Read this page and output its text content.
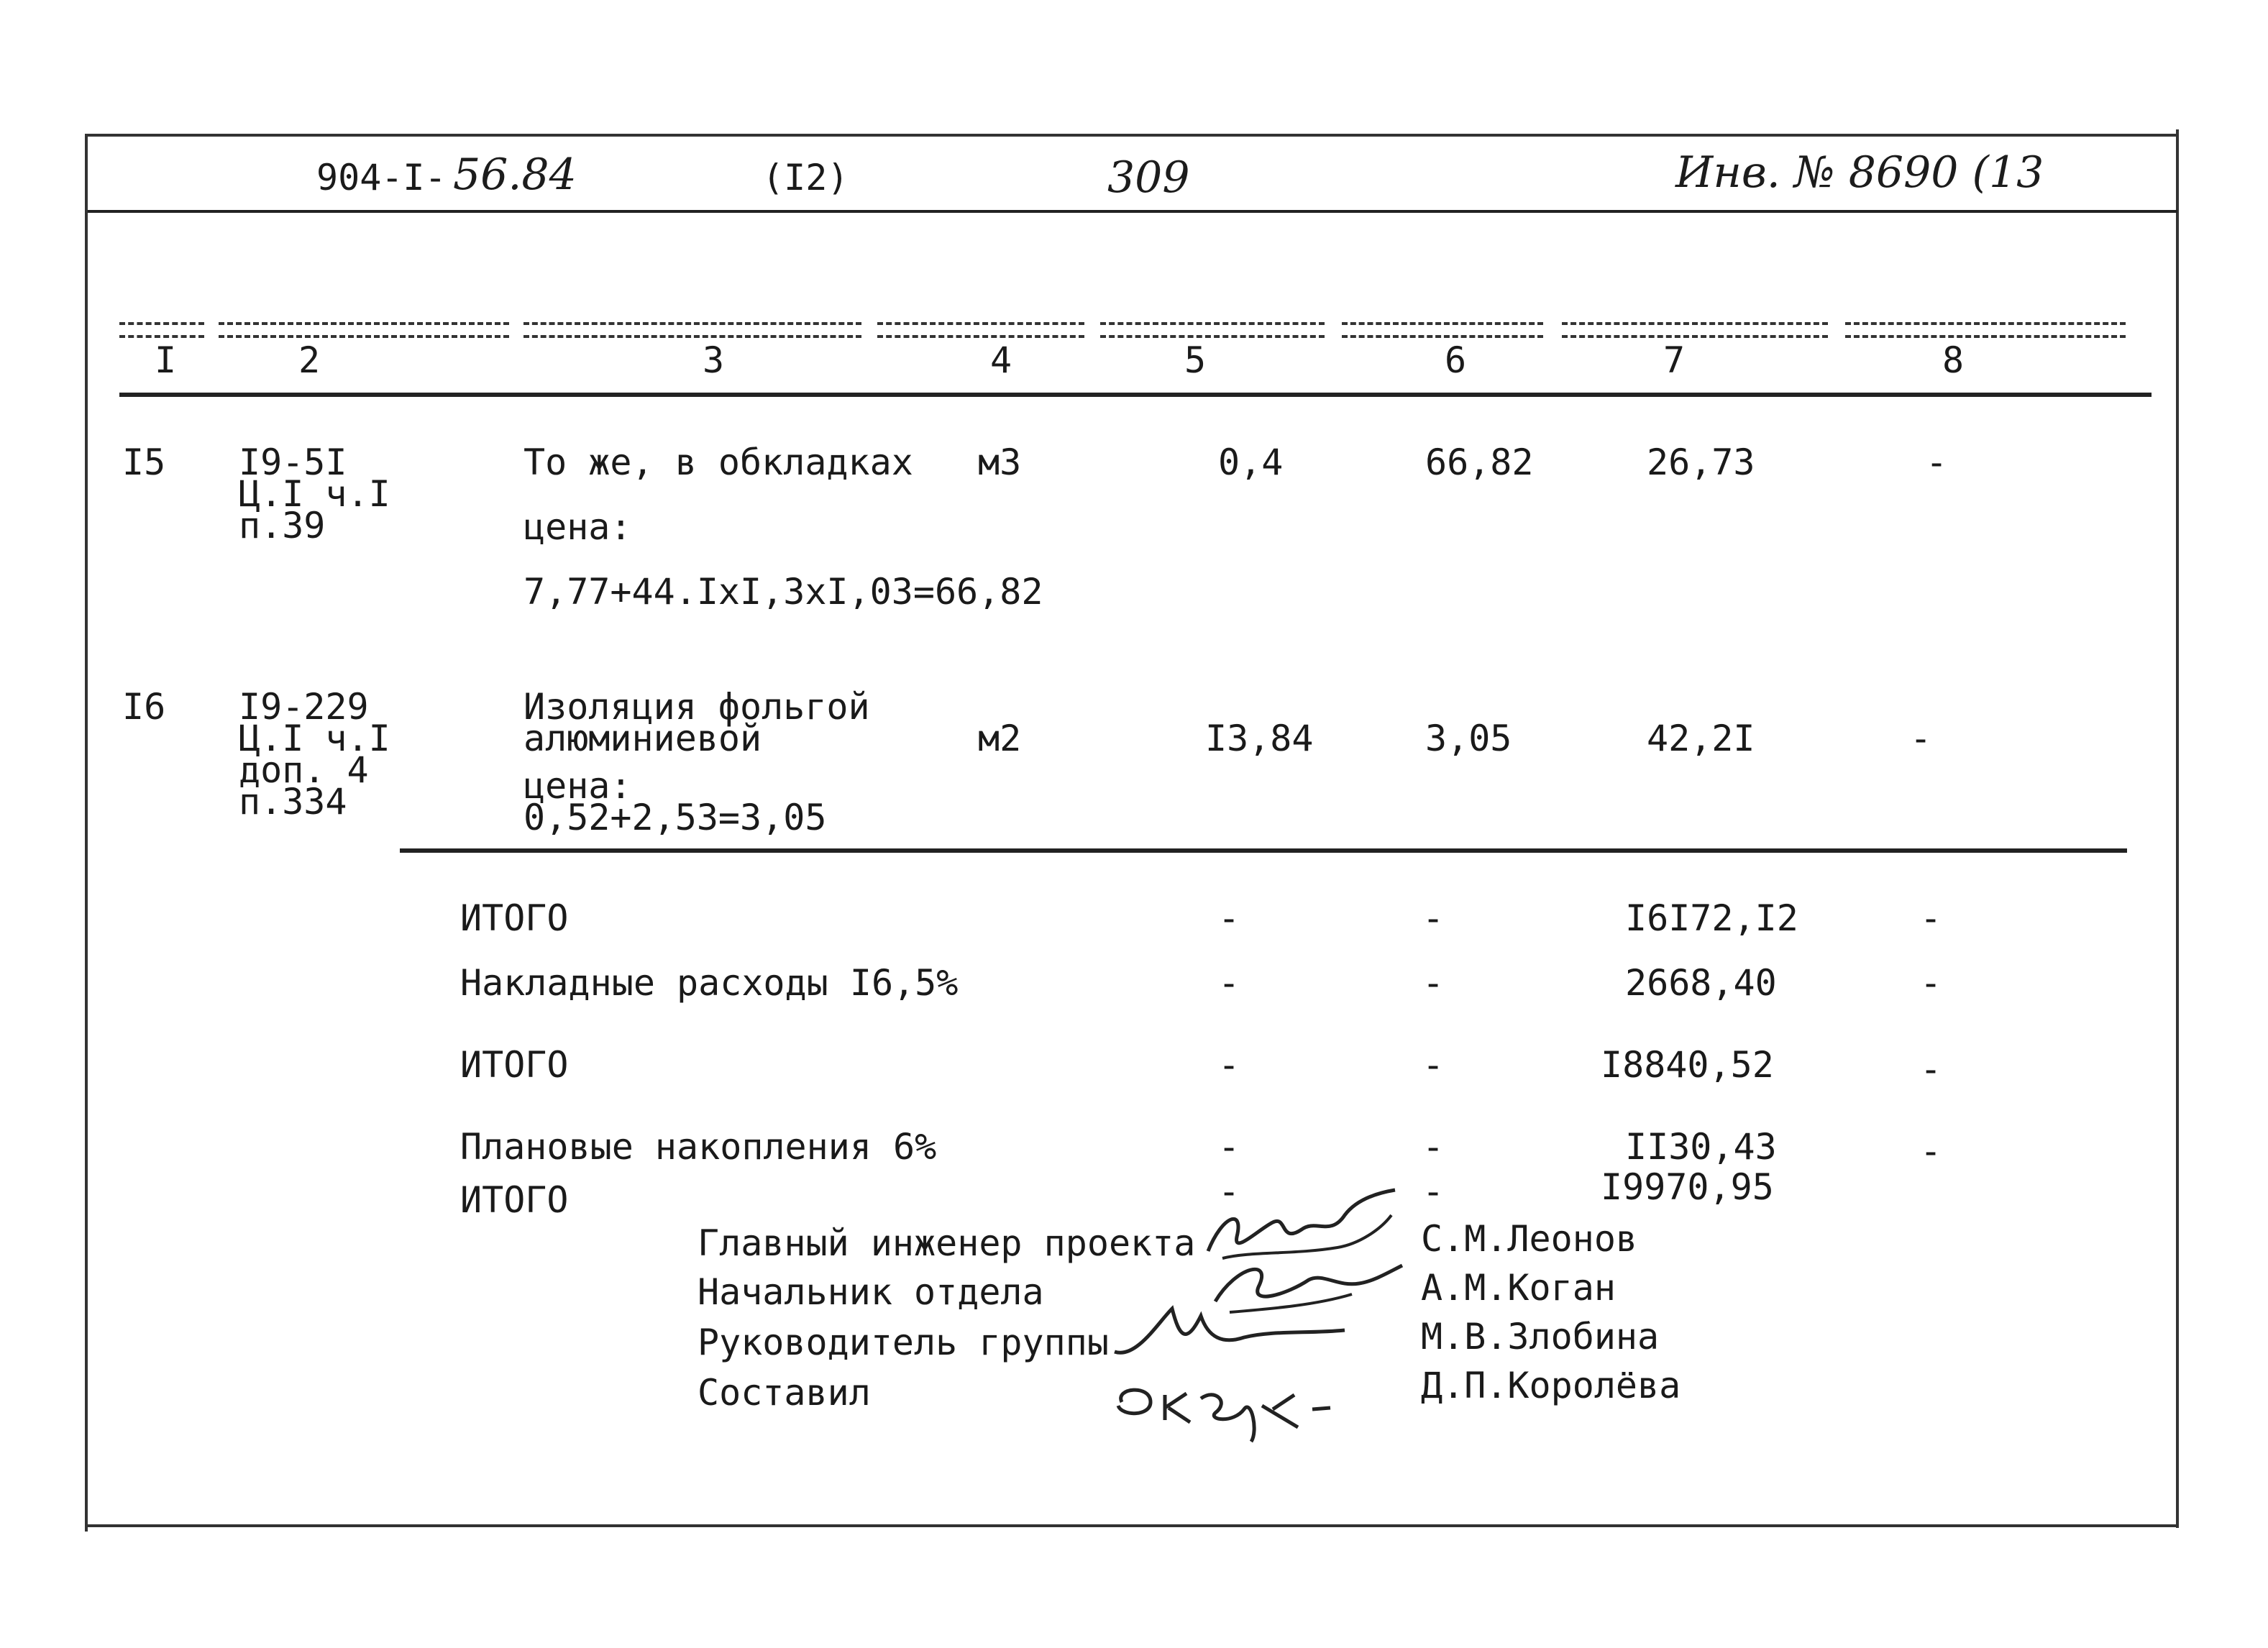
904-I- 56.84	(I2)	309	Инв. № 8690 (13
I	2	3	4	5	6	7	8
I5 I9-5I
Ц.I ч.I
п.39
То же, в обкладках
цена:
7,77+44.IxI,3xI,03=66,82
м3	0,4	66,82	26,73	-
I6 I9-229
Ц.I ч.I
доп. 4
п.334
Изоляция фольгой
алюминиевой
цена:
0,52+2,53=3,05
м2	I3,84	3,05	42,2I	-
ИТОГО	-	-	I6I72,I2	-
Накладные расходы I6,5%	-	-	2668,40	-
ИТОГО	-	-	I8840,52	-
Плановые накопления 6%	-	-	II30,43	-
ИТОГО	-	-	I9970,95
Главный инженер проекта	С.М.Леонов
Начальник отдела	А.М.Коган
Руководитель группы	М.В.Злобина
Составил	Д.П.Королёва
